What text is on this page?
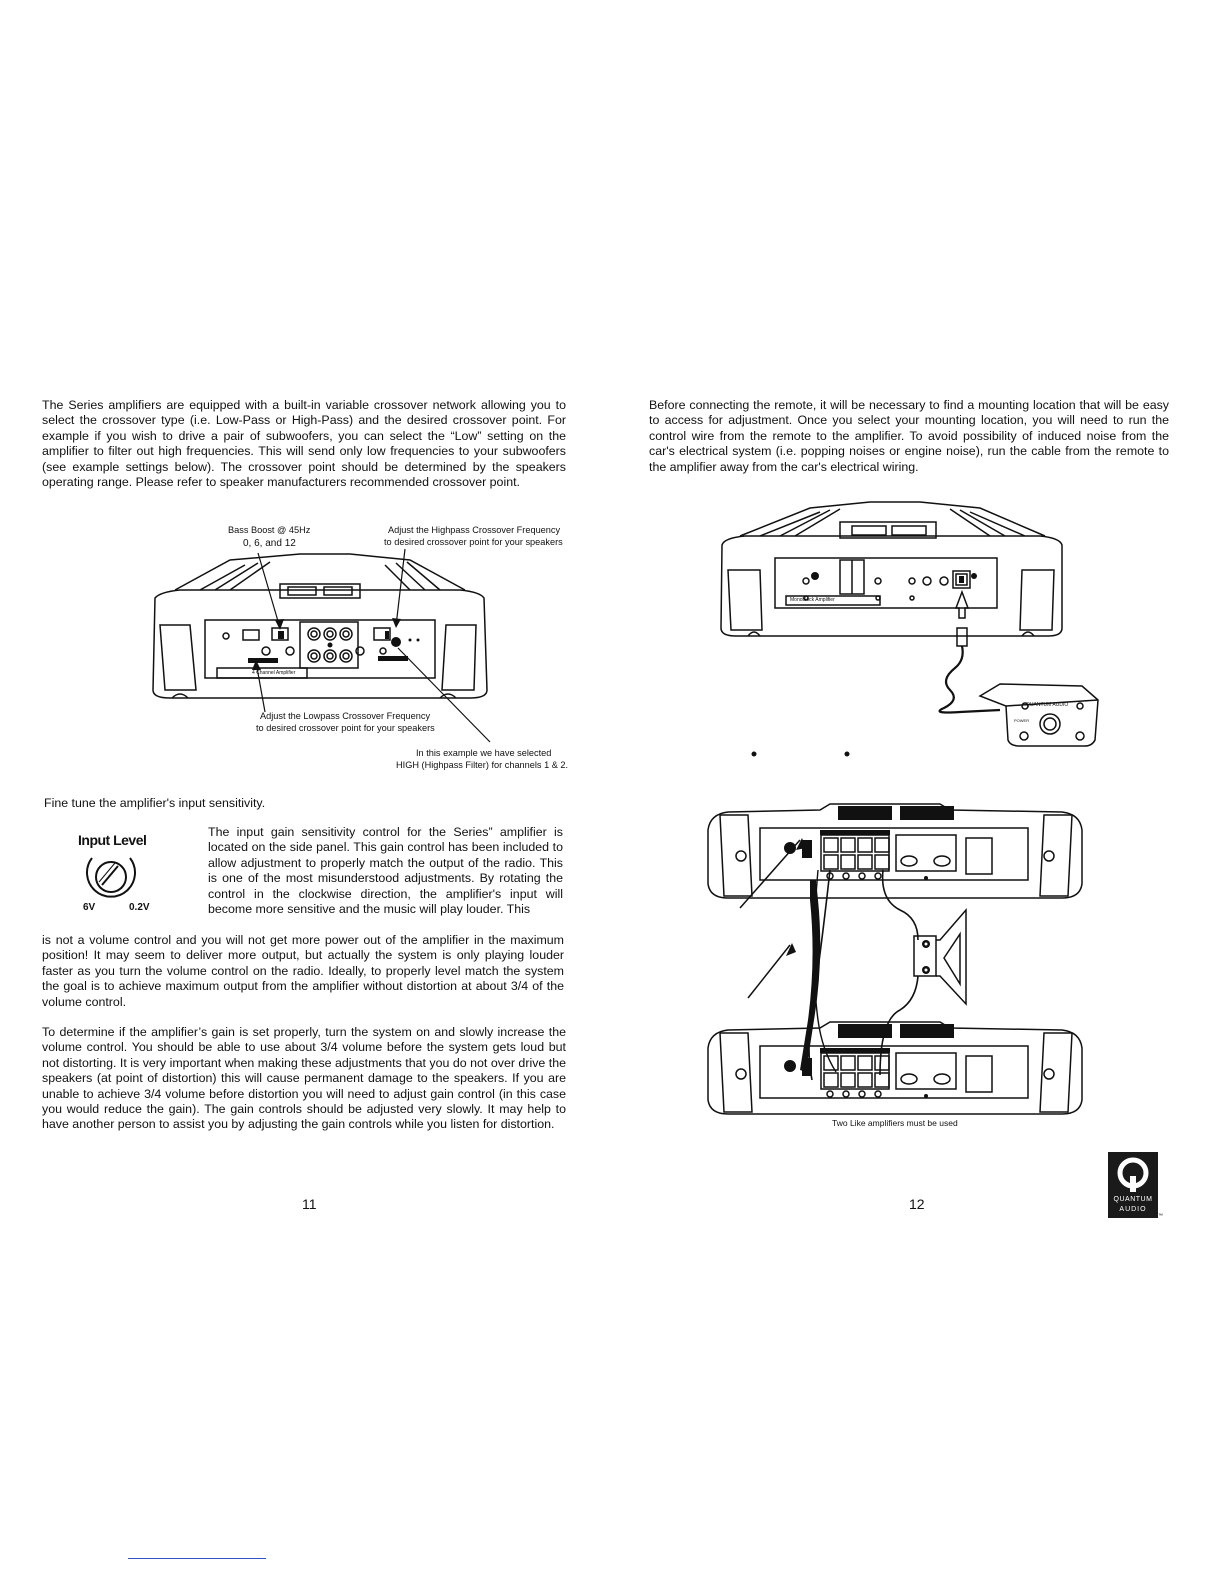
The Series amplifiers are equipped with a built-in variable crossover network allowing you to select the crossover type (i.e. Low-Pass or High-Pass) and the desired crossover point. For example if you wish to drive a pair of subwoofers, you can select the “Low” setting on the amplifier to filter out high frequencies. This will send only low frequencies to your subwoofers (see example settings below). The crossover point should be determined by the speakers operating range. Please refer to speaker manufacturers recommended crossover point.

Bass Boost @ 45Hz
0, 6, and 12
Adjust the Highpass Crossover Frequency
to desired crossover point for your speakers
4 Channel Amplifier
Adjust the Lowpass Crossover Frequency
to desired crossover point for your speakers
In this example we have selected
HIGH (Highpass Filter) for channels 1 & 2.
Fine tune the amplifier's input sensitivity.
Input Level
6V	0.2V

The input gain sensitivity control for the Series” amplifier is located on the side panel. This gain control has been included to allow adjustment to properly match the output of the radio. This is one of the most misunderstood adjustments. By rotating the control in the clockwise direction, the amplifier's input will become more sensitive and the music will play louder. This

is not a volume control and you will not get more power out of the amplifier in the maximum position! It may seem to deliver more output, but actually the system is only playing louder faster as you turn the volume control on the radio. Ideally, to properly level match the system the goal is to achieve maximum output from the amplifier without distortion at about 3/4 of the volume control.

To determine if the amplifier’s gain is set properly, turn the system on and slowly increase the volume control. You should be able to use about 3/4 volume before the system gets loud but not distorting. It is very important when making these adjustments that you do not over drive the speakers (at point of distortion) this will cause permanent damage to the speakers. If you are unable to achieve 3/4 volume before distortion you will need to adjust gain control (in this case you would reduce the gain). The gain controls should be adjusted very slowly. It may help to have another person to assist you by adjusting the gain controls while you listen for distortion.

11

Before connecting the remote, it will be necessary to find a mounting location that will be easy to access for adjustment. Once you select your mounting location, you will need to run the control wire from the remote to the amplifier. To avoid possibility of induced noise from the car's electrical system (i.e. popping noises or engine noise), run the cable from the remote to the amplifier away from the car's electrical wiring.

Monoblock Amplifier
QUANTUM AUDIO
POWER
Two Like amplifiers must be used
12	QUANTUM
AUDIO
™
